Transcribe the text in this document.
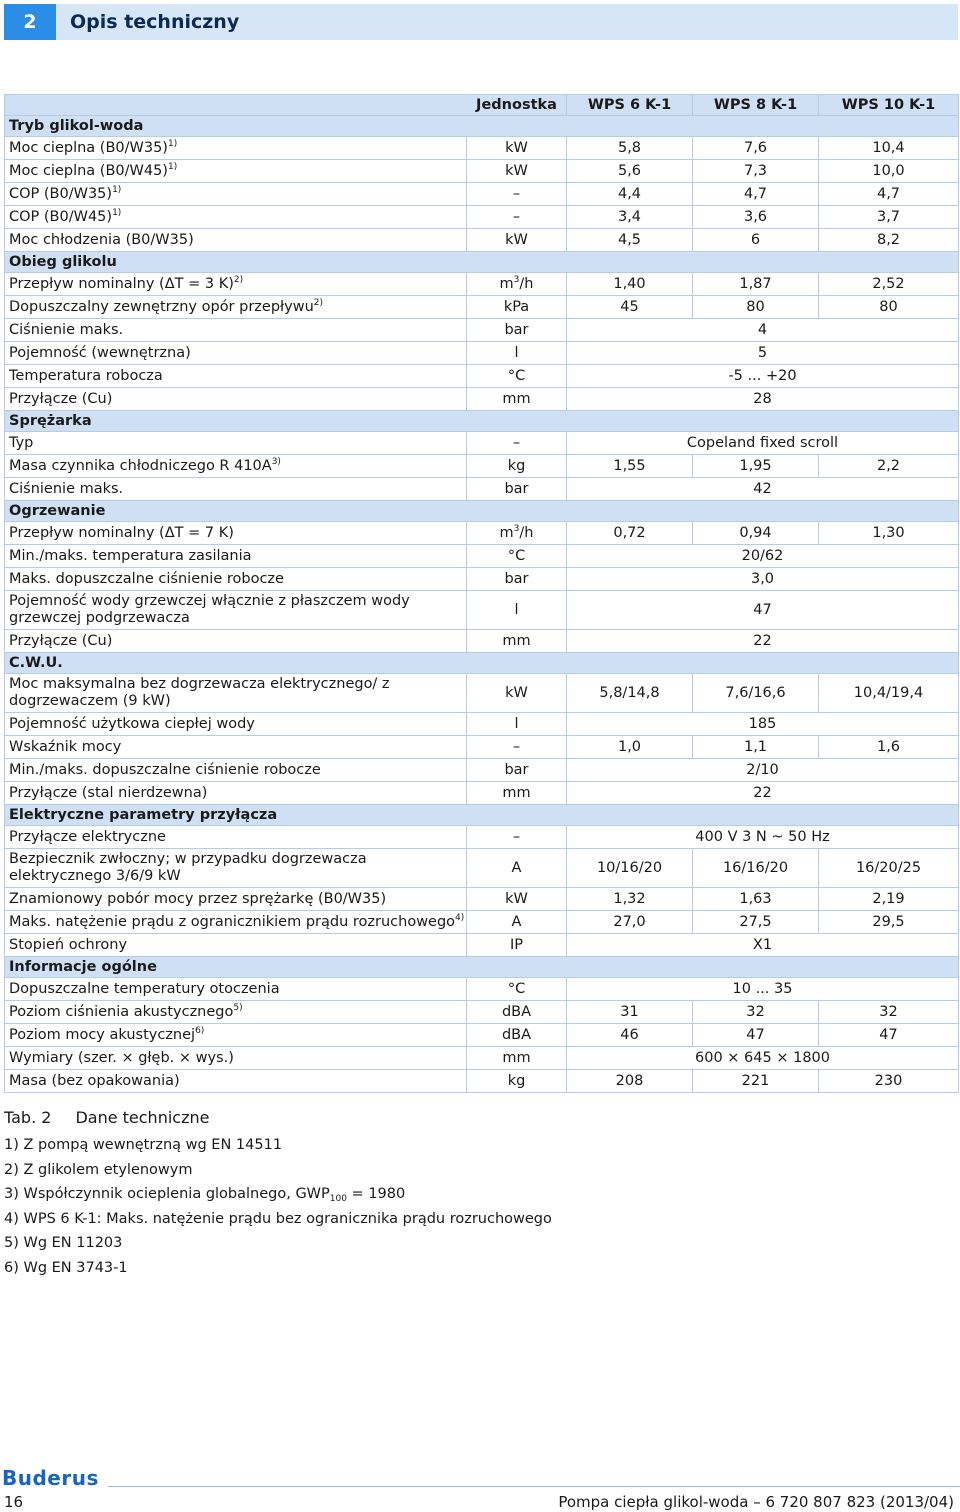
2	Opis techniczny
	Jednostka	WPS 6 K-1	WPS 8 K-1	WPS 10 K-1
Tryb glikol-woda				
Moc cieplna $(B0/W35)^{1)}$	kW	5,8	7,6	10,4
Moc cieplna $(B0/W45)^{1)}$	kW	5,6	7,3	10,0
COP $(B0/W35)^{1)}$	–	4,4	4,7	4,7
COP $(B0/W45)^{1)}$	–	3,4	3,6	3,7
Moc chłodzenia (B0/W35)	kW	4,5	6	8,2
Obieg glikolu				
Przepływ nominalny (ΔT = 3 K)$^{2)}$	$m^3/h$	1,40	1,87	2,52
Dopuszczalny zewnętrzny opór przepływu$^{2)}$	kPa	45	80	80
Ciśnienie maks.	bar	4		
Pojemność (wewnętrzna)	l	5		
Temperatura robocza	°C	-5 ... +20		
Przyłącze (Cu)	mm	28		
Sprężarka				
Typ	–	Copeland fixed scroll		
Masa czynnika chłodniczego R $410A^{3)}$	kg	1,55	1,95	2,2
Ciśnienie maks.	bar	42		
Ogrzewanie				
Przepływ nominalny (ΔT = 7 K)	$m^3/h$	0,72	0,94	1,30
Min./maks. temperatura zasilania	°C	20/62		
Maks. dopuszczalne ciśnienie robocze	bar	3,0		
Pojemność wody grzewczej włącznie z płaszczem wody grzewczej podgrzewacza	l	47		
Przyłącze (Cu)	mm	22		
C.W.U.				
Moc maksymalna bez dogrzewacza elektrycznego/ z dogrzewaczem (9 kW)	kW	5,8/14,8	7,6/16,6	10,4/19,4
Pojemność użytkowa ciepłej wody	l	185		
Wskaźnik mocy	–	1,0	1,1	1,6
Min./maks. dopuszczalne ciśnienie robocze	bar	2/10		
Przyłącze (stal nierdzewna)	mm	22		
Elektryczne parametry przyłącza				
Przyłącze elektryczne	–	400 V 3 N ~ 50 Hz		
Bezpiecznik zwłoczny; w przypadku dogrzewacza elektrycznego 3/6/9 kW	A	10/16/20	16/16/20	16/20/25
Znamionowy pobór mocy przez sprężarkę (B0/W35)	kW	1,32	1,63	2,19
Maks. natężenie prądu z ogranicznikiem prądu rozruchowego$^{4)}$	A	27,0	27,5	29,5
Stopień ochrony	IP	X1		
Informacje ogólne				
Dopuszczalne temperatury otoczenia	°C	10 ... 35		
Poziom ciśnienia akustycznego$^{5)}$	dBA	31	32	32
Poziom mocy akustycznej$^{6)}$	dBA	46	47	47
Wymiary (szer. × głęb. × wys.)	mm	600 × 645 × 1800		
Masa (bez opakowania)	kg	208	221	230
Tab. 2 Dane techniczne
1) Z pompą wewnętrzną wg EN 14511
2) Z glikolem etylenowym
3) Współczynnik ocieplenia globalnego, $GWP_{100} = 1980$
4) WPS 6 K-1: Maks. natężenie prądu bez ogranicznika prądu rozruchowego
5) Wg EN 11203
6) Wg EN 3743-1
Buderus
16	Pompa ciepła glikol-woda – 6 720 807 823 (2013/04)
